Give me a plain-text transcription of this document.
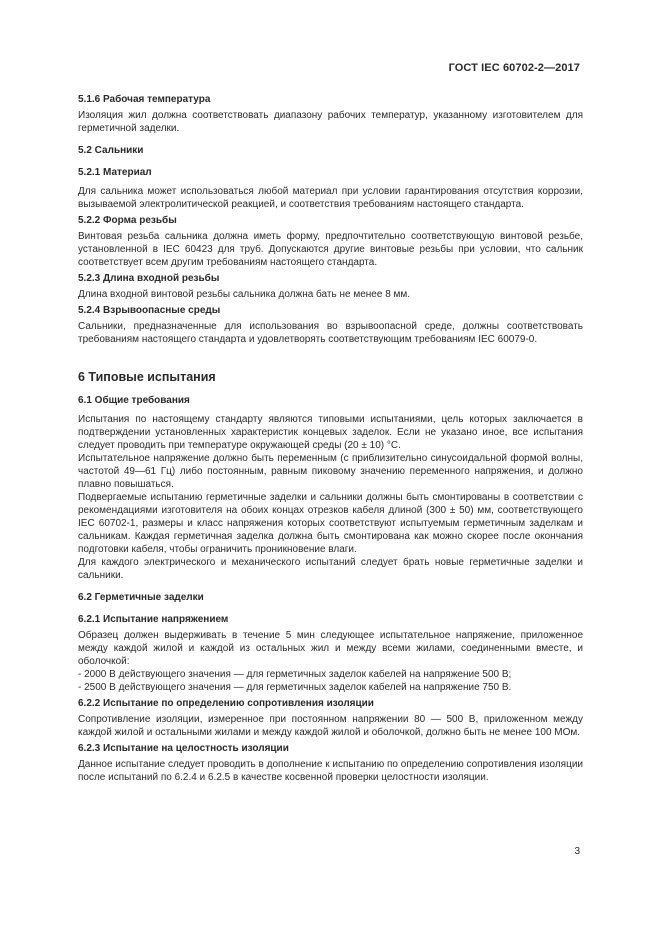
ГОСТ IEC 60702-2—2017
5.1.6 Рабочая температура
Изоляция жил должна соответствовать диапазону рабочих температур, указанному изготовителем для герметичной заделки.
5.2 Сальники
5.2.1 Материал
Для сальника может использоваться любой материал при условии гарантирования отсутствия коррозии, вызываемой электролитической реакцией, и соответствия требованиям настоящего стандарта.
5.2.2 Форма резьбы
Винтовая резьба сальника должна иметь форму, предпочтительно соответствующую винтовой резьбе, установленной в IEC 60423 для труб. Допускаются другие винтовые резьбы при условии, что сальник соответствует всем другим требованиям настоящего стандарта.
5.2.3 Длина входной резьбы
Длина входной винтовой резьбы сальника должна бать не менее 8 мм.
5.2.4 Взрывоопасные среды
Сальники, предназначенные для использования во взрывоопасной среде, должны соответствовать требованиям настоящего стандарта и удовлетворять соответствующим требованиям IEC 60079-0.
6 Типовые испытания
6.1 Общие требования
Испытания по настоящему стандарту являются типовыми испытаниями, цель которых заключается в подтверждении установленных характеристик концевых заделок. Если не указано иное, все испытания следует проводить при температуре окружающей среды (20 ± 10) °С.
Испытательное напряжение должно быть переменным (с приблизительно синусоидальной формой волны, частотой 49—61 Гц) либо постоянным, равным пиковому значению переменного напряжения, и должно плавно повышаться.
Подвергаемые испытанию герметичные заделки и сальники должны быть смонтированы в соответствии с рекомендациями изготовителя на обоих концах отрезков кабеля длиной (300 ± 50) мм, соответствующего IEC 60702-1, размеры и класс напряжения которых соответствуют испытуемым герметичным заделкам и сальникам. Каждая герметичная заделка должна быть смонтирована как можно скорее после окончания подготовки кабеля, чтобы ограничить проникновение влаги.
Для каждого электрического и механического испытаний следует брать новые герметичные заделки и сальники.
6.2 Герметичные заделки
6.2.1 Испытание напряжением
Образец должен выдерживать в течение 5 мин следующее испытательное напряжение, приложенное между каждой жилой и каждой из остальных жил и между всеми жилами, соединенными вместе, и оболочкой:
- 2000 В действующего значения — для герметичных заделок кабелей на напряжение 500 В;
- 2500 В действующего значения — для герметичных заделок кабелей на напряжение 750 В.
6.2.2 Испытание по определению сопротивления изоляции
Сопротивление изоляции, измеренное при постоянном напряжении 80 — 500 В, приложенном между каждой жилой и остальными жилами и между каждой жилой и оболочкой, должно быть не менее 100 МОм.
6.2.3 Испытание на целостность изоляции
Данное испытание следует проводить в дополнение к испытанию по определению сопротивления изоляции после испытаний по 6.2.4 и 6.2.5 в качестве косвенной проверки целостности изоляции.
3
